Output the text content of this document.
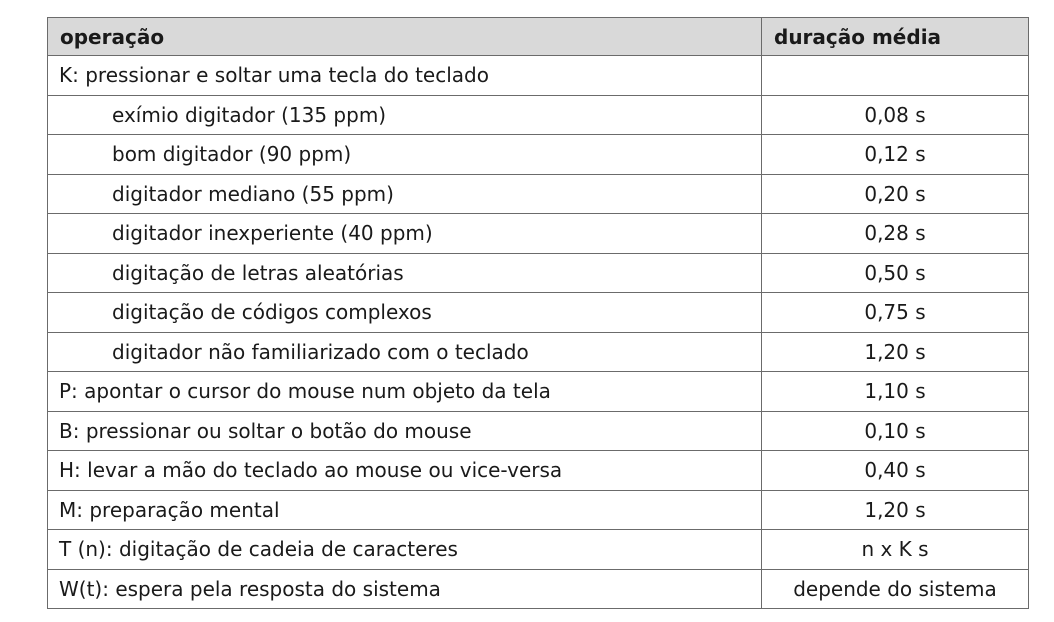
operação	duração média
K: pressionar e soltar uma tecla do teclado	
exímio digitador (135 ppm)	0,08 s
bom digitador (90 ppm)	0,12 s
digitador mediano (55 ppm)	0,20 s
digitador inexperiente (40 ppm)	0,28 s
digitação de letras aleatórias	0,50 s
digitação de códigos complexos	0,75 s
digitador não familiarizado com o teclado	1,20 s
P: apontar o cursor do mouse num objeto da tela	1,10 s
B: pressionar ou soltar o botão do mouse	0,10 s
H: levar a mão do teclado ao mouse ou vice-versa	0,40 s
M: preparação mental	1,20 s
T (n): digitação de cadeia de caracteres	n x K s
W(t): espera pela resposta do sistema	depende do sistema
